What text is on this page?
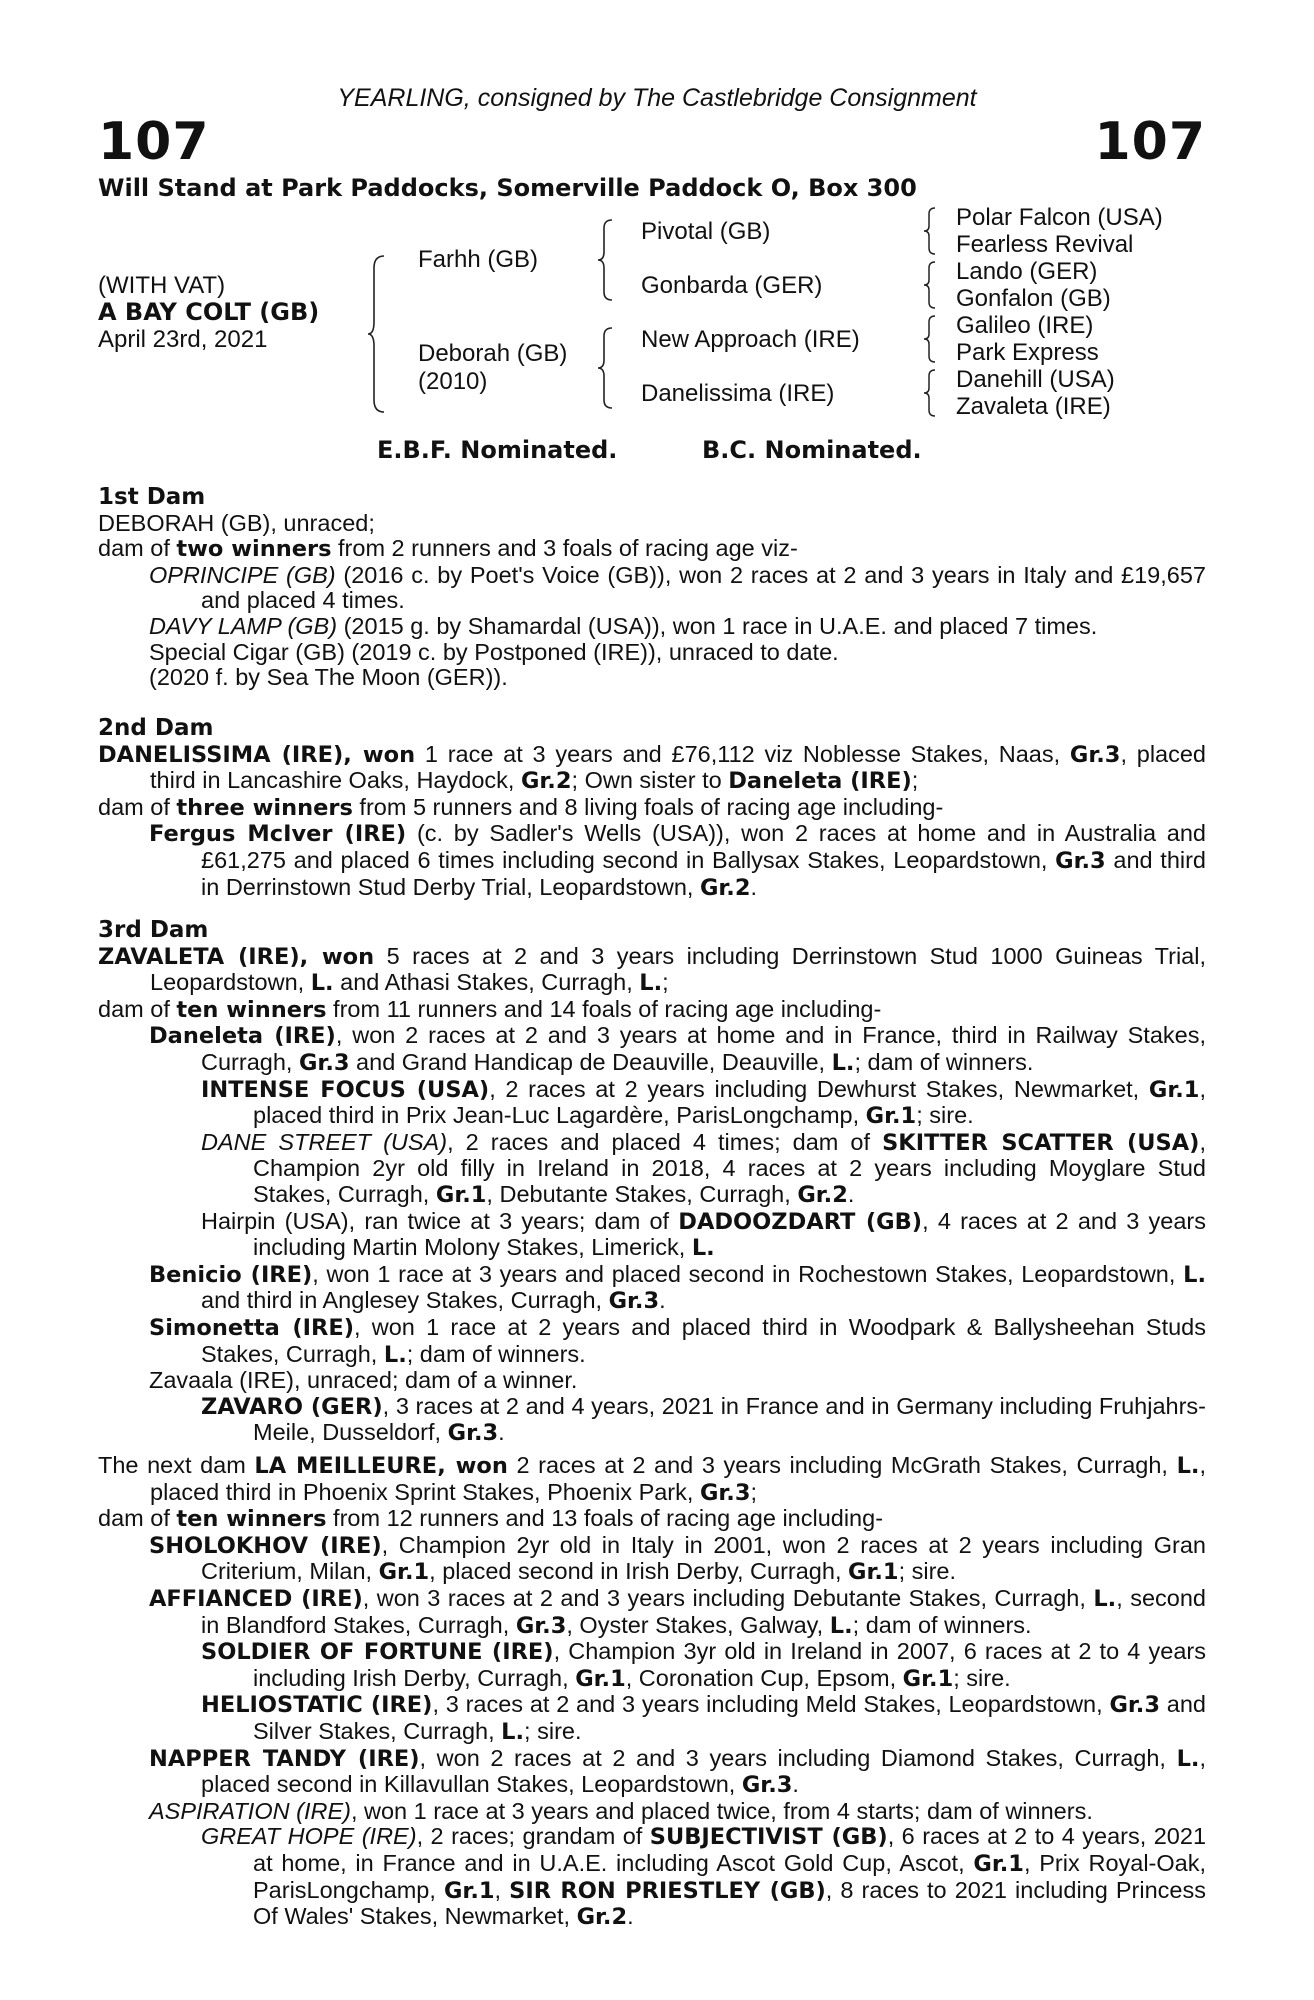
YEARLING, consigned by The Castlebridge Consignment
107	107
Will Stand at Park Paddocks, Somerville Paddock O, Box 300
(WITH VAT)
A BAY COLT (GB)
April 23rd, 2021
Farhh (GB)
Deborah (GB)
(2010)
Pivotal (GB)
Gonbarda (GER)
New Approach (IRE)
Danelissima (IRE)
Polar Falcon (USA)
Fearless Revival
Lando (GER)
Gonfalon (GB)
Galileo (IRE)
Park Express
Danehill (USA)
Zavaleta (IRE)
E.B.F. Nominated.	B.C. Nominated.

1st Dam

DEBORAH (GB), unraced;

dam of two winners from 2 runners and 3 foals of racing age viz-

OPRINCIPE (GB) (2016 c. by Poet's Voice (GB)), won 2 races at 2 and 3 years in Italy and £19,657 and placed 4 times.

DAVY LAMP (GB) (2015 g. by Shamardal (USA)), won 1 race in U.A.E. and placed 7 times.

Special Cigar (GB) (2019 c. by Postponed (IRE)), unraced to date.

(2020 f. by Sea The Moon (GER)).

2nd Dam

DANELISSIMA (IRE), won 1 race at 3 years and £76,112 viz Noblesse Stakes, Naas, Gr.3, placed third in Lancashire Oaks, Haydock, Gr.2; Own sister to Daneleta (IRE);

dam of three winners from 5 runners and 8 living foals of racing age including-

Fergus McIver (IRE) (c. by Sadler's Wells (USA)), won 2 races at home and in Australia and £61,275 and placed 6 times including second in Ballysax Stakes, Leopardstown, Gr.3 and third in Derrinstown Stud Derby Trial, Leopardstown, Gr.2.

3rd Dam

ZAVALETA (IRE), won 5 races at 2 and 3 years including Derrinstown Stud 1000 Guineas Trial, Leopardstown, L. and Athasi Stakes, Curragh, L.;

dam of ten winners from 11 runners and 14 foals of racing age including-

Daneleta (IRE), won 2 races at 2 and 3 years at home and in France, third in Railway Stakes, Curragh, Gr.3 and Grand Handicap de Deauville, Deauville, L.; dam of winners.

INTENSE FOCUS (USA), 2 races at 2 years including Dewhurst Stakes, Newmarket, Gr.1, placed third in Prix Jean-Luc Lagardère, ParisLongchamp, Gr.1; sire.

DANE STREET (USA), 2 races and placed 4 times; dam of SKITTER SCATTER (USA), Champion 2yr old filly in Ireland in 2018, 4 races at 2 years including Moyglare Stud Stakes, Curragh, Gr.1, Debutante Stakes, Curragh, Gr.2.

Hairpin (USA), ran twice at 3 years; dam of DADOOZDART (GB), 4 races at 2 and 3 years including Martin Molony Stakes, Limerick, L.

Benicio (IRE), won 1 race at 3 years and placed second in Rochestown Stakes, Leopardstown, L. and third in Anglesey Stakes, Curragh, Gr.3.

Simonetta (IRE), won 1 race at 2 years and placed third in Woodpark & Ballysheehan Studs Stakes, Curragh, L.; dam of winners.

Zavaala (IRE), unraced; dam of a winner.

ZAVARO (GER), 3 races at 2 and 4 years, 2021 in France and in Germany including Fruhjahrs-Meile, Dusseldorf, Gr.3.

The next dam LA MEILLEURE, won 2 races at 2 and 3 years including McGrath Stakes, Curragh, L., placed third in Phoenix Sprint Stakes, Phoenix Park, Gr.3;

dam of ten winners from 12 runners and 13 foals of racing age including-

SHOLOKHOV (IRE), Champion 2yr old in Italy in 2001, won 2 races at 2 years including Gran Criterium, Milan, Gr.1, placed second in Irish Derby, Curragh, Gr.1; sire.

AFFIANCED (IRE), won 3 races at 2 and 3 years including Debutante Stakes, Curragh, L., second in Blandford Stakes, Curragh, Gr.3, Oyster Stakes, Galway, L.; dam of winners.

SOLDIER OF FORTUNE (IRE), Champion 3yr old in Ireland in 2007, 6 races at 2 to 4 years including Irish Derby, Curragh, Gr.1, Coronation Cup, Epsom, Gr.1; sire.

HELIOSTATIC (IRE), 3 races at 2 and 3 years including Meld Stakes, Leopardstown, Gr.3 and Silver Stakes, Curragh, L.; sire.

NAPPER TANDY (IRE), won 2 races at 2 and 3 years including Diamond Stakes, Curragh, L., placed second in Killavullan Stakes, Leopardstown, Gr.3.

ASPIRATION (IRE), won 1 race at 3 years and placed twice, from 4 starts; dam of winners.

GREAT HOPE (IRE), 2 races; grandam of SUBJECTIVIST (GB), 6 races at 2 to 4 years, 2021 at home, in France and in U.A.E. including Ascot Gold Cup, Ascot, Gr.1, Prix Royal-Oak, ParisLongchamp, Gr.1, SIR RON PRIESTLEY (GB), 8 races to 2021 including Princess Of Wales' Stakes, Newmarket, Gr.2.
